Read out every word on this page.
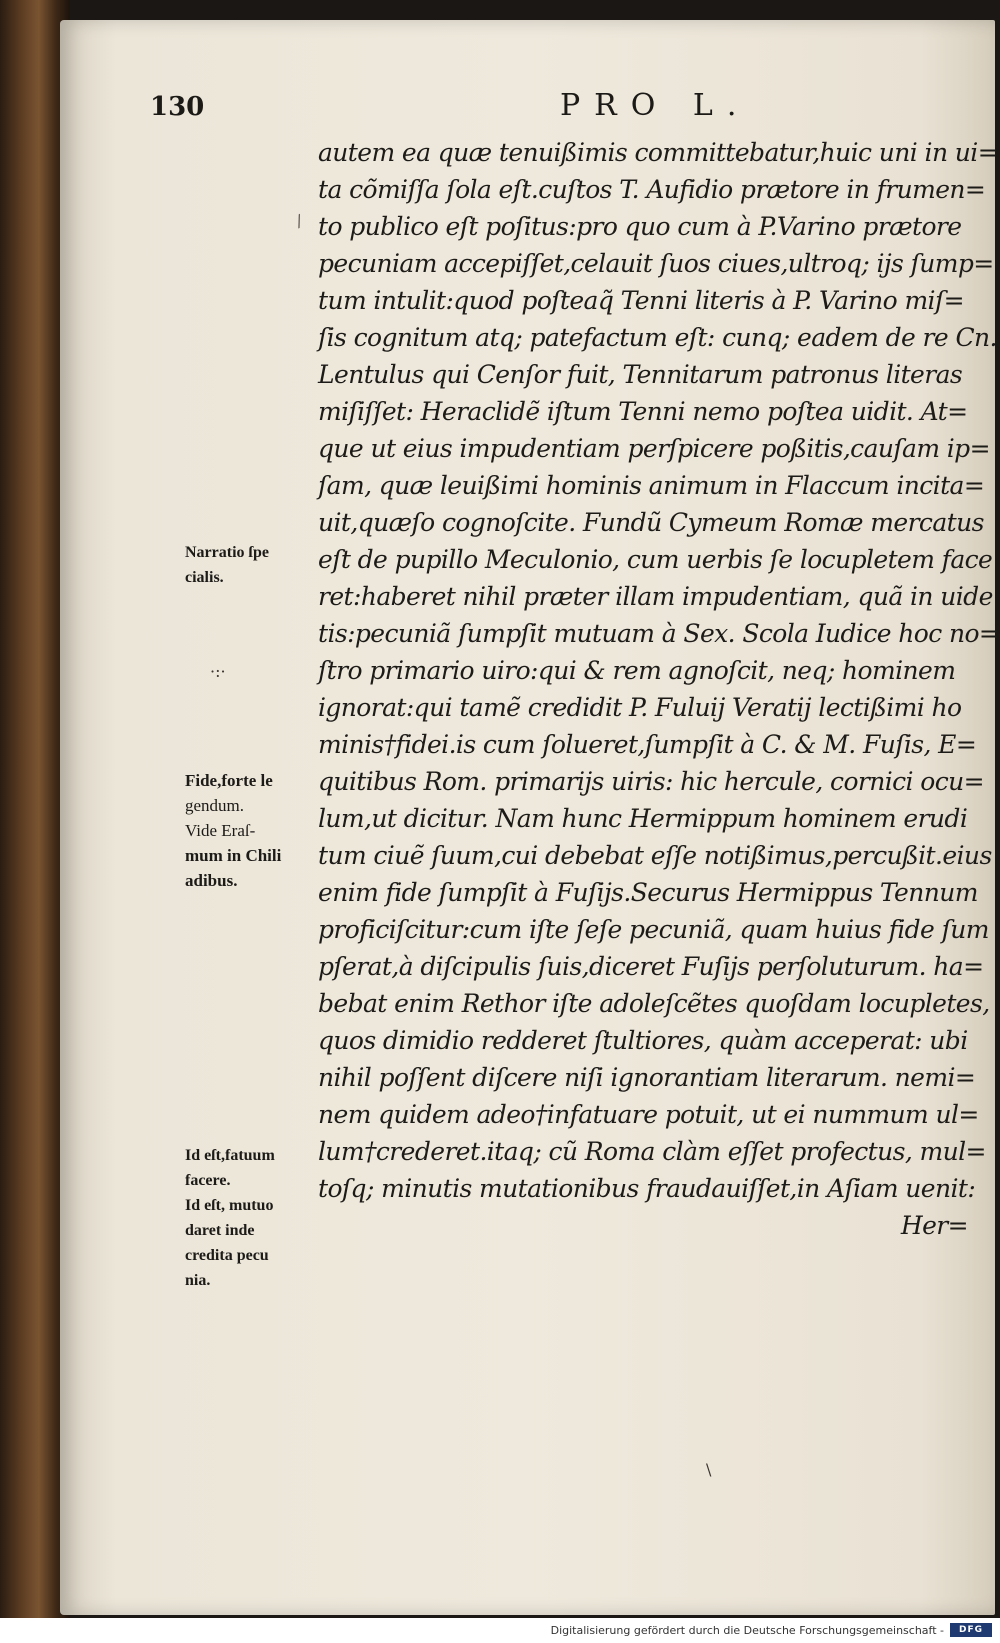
130	PRO L.
autem ea quæ tenuißimis committebatur,huic uni in ui=
ta cõmiſſa ſola eſt.cuſtos T. Aufidio prætore in frumen=
to publico eſt poſitus:pro quo cum à P.Varino prætore
pecuniam accepiſſet,celauit ſuos ciues,ultroq; ijs ſump=
tum intulit:quod poſteaq̃ Tenni literis à P. Varino miſ=
ſis cognitum atq; patefactum eſt: cunq; eadem de re Cn.
Lentulus qui Cenſor fuit, Tennitarum patronus literas
miſiſſet: Heraclidẽ iſtum Tenni nemo poſtea uidit. At=
que ut eius impudentiam perſpicere poßitis,cauſam ip=
ſam, quæ leuißimi hominis animum in Flaccum incita=
uit,quæſo cognoſcite. Fundũ Cymeum Romæ mercatus
eſt de pupillo Meculonio, cum uerbis ſe locupletem face
ret:haberet nihil præter illam impudentiam, quã in uide
tis:pecuniã ſumpſit mutuam à Sex. Scola Iudice hoc no=
ſtro primario uiro:qui & rem agnoſcit, neq; hominem
ignorat:qui tamẽ credidit P. Fuluij Veratij lectißimi ho
minis†fidei.is cum ſolueret,ſumpſit à C. & M. Fuſis, E=
quitibus Rom. primarijs uiris: hic hercule, cornici ocu=
lum,ut dicitur. Nam hunc Hermippum hominem erudi
tum ciuẽ ſuum,cui debebat eſſe notißimus,percußit.eius
enim fide ſumpſit à Fuſijs.Securus Hermippus Tennum
proficiſcitur:cum iſte ſeſe pecuniã, quam huius fide ſum
pſerat,à diſcipulis ſuis,diceret Fuſijs perſoluturum. ha=
bebat enim Rethor iſte adoleſcẽtes quoſdam locupletes,
quos dimidio redderet ſtultiores, quàm acceperat: ubi
nihil poſſent diſcere niſi ignorantiam literarum. nemi=
nem quidem adeo†infatuare potuit, ut ei nummum ul=
lum†crederet.itaq; cũ Roma clàm eſſet profectus, mul=
toſq; minutis mutationibus fraudauiſſet,in Aſiam uenit:
Her=
Narratio ſpe
cialis.
Fide,forte le
gendum.
Vide Eraſ-
mum in Chili
adibus.
Id eſt,fatuum
facere.
Id eſt, mutuo
daret inde
credita pecu
nia.
⁄
·:·
\
Digitalisierung gefördert durch die Deutsche Forschungsgemeinschaft -	DFG
